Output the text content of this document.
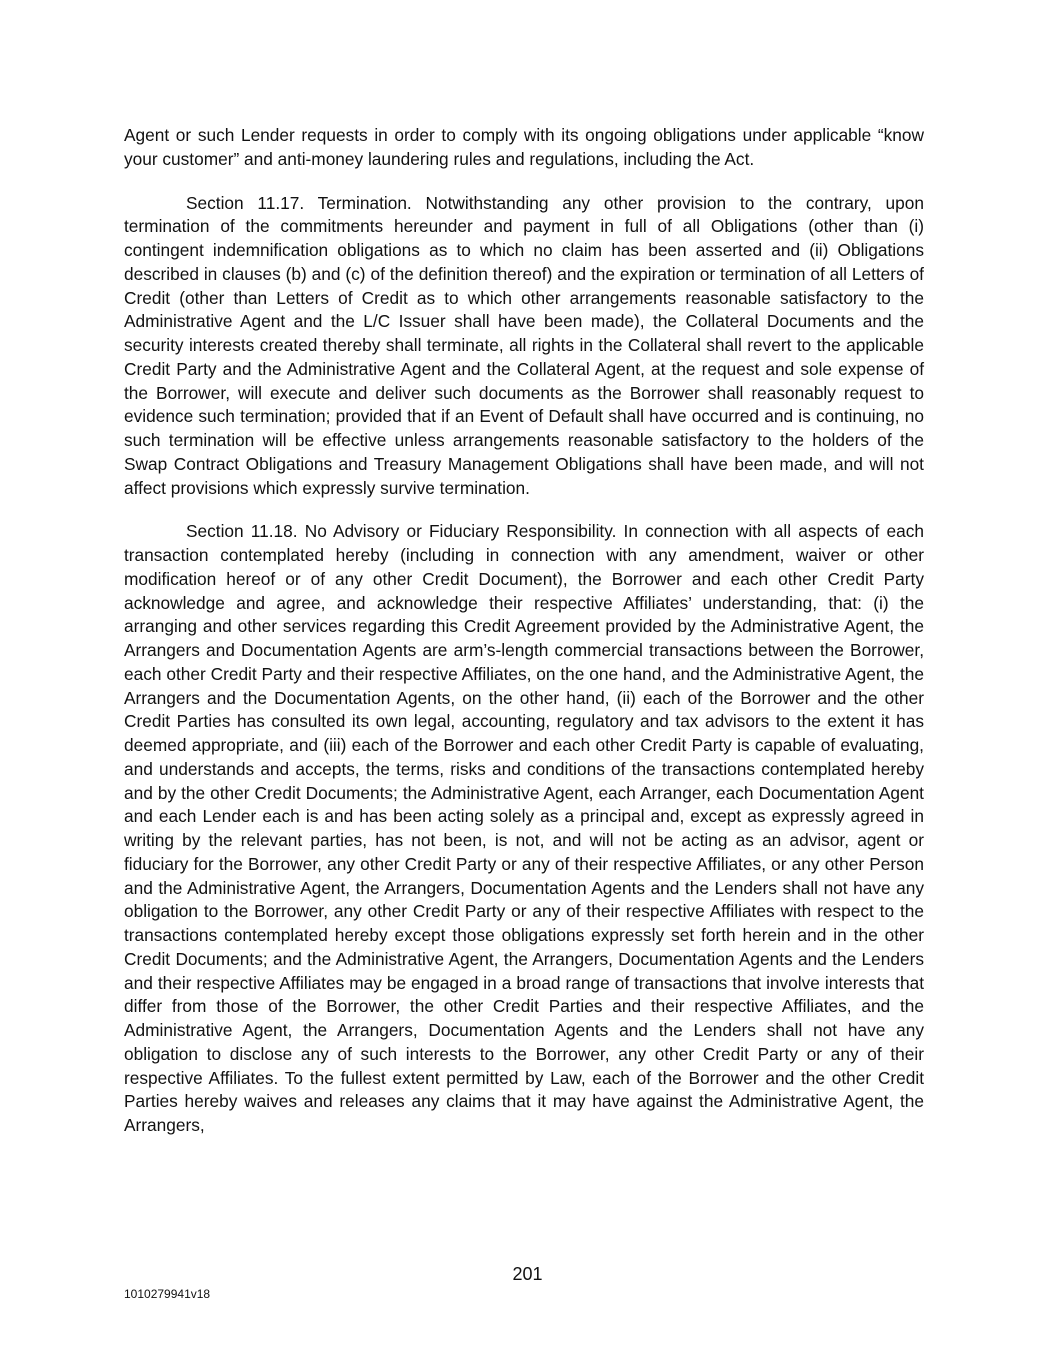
Agent or such Lender requests in order to comply with its ongoing obligations under applicable “know your customer” and anti-money laundering rules and regulations, including the Act.

Section 11.17. Termination. Notwithstanding any other provision to the contrary, upon termination of the commitments hereunder and payment in full of all Obligations (other than (i) contingent indemnification obligations as to which no claim has been asserted and (ii) Obligations described in clauses (b) and (c) of the definition thereof) and the expiration or termination of all Letters of Credit (other than Letters of Credit as to which other arrangements reasonable satisfactory to the Administrative Agent and the L/C Issuer shall have been made), the Collateral Documents and the security interests created thereby shall terminate, all rights in the Collateral shall revert to the applicable Credit Party and the Administrative Agent and the Collateral Agent, at the request and sole expense of the Borrower, will execute and deliver such documents as the Borrower shall reasonably request to evidence such termination; provided that if an Event of Default shall have occurred and is continuing, no such termination will be effective unless arrangements reasonable satisfactory to the holders of the Swap Contract Obligations and Treasury Management Obligations shall have been made, and will not affect provisions which expressly survive termination.

Section 11.18. No Advisory or Fiduciary Responsibility. In connection with all aspects of each transaction contemplated hereby (including in connection with any amendment, waiver or other modification hereof or of any other Credit Document), the Borrower and each other Credit Party acknowledge and agree, and acknowledge their respective Affiliates’ understanding, that: (i) the arranging and other services regarding this Credit Agreement provided by the Administrative Agent, the Arrangers and Documentation Agents are arm’s-length commercial transactions between the Borrower, each other Credit Party and their respective Affiliates, on the one hand, and the Administrative Agent, the Arrangers and the Documentation Agents, on the other hand, (ii) each of the Borrower and the other Credit Parties has consulted its own legal, accounting, regulatory and tax advisors to the extent it has deemed appropriate, and (iii) each of the Borrower and each other Credit Party is capable of evaluating, and understands and accepts, the terms, risks and conditions of the transactions contemplated hereby and by the other Credit Documents; the Administrative Agent, each Arranger, each Documentation Agent and each Lender each is and has been acting solely as a principal and, except as expressly agreed in writing by the relevant parties, has not been, is not, and will not be acting as an advisor, agent or fiduciary for the Borrower, any other Credit Party or any of their respective Affiliates, or any other Person and the Administrative Agent, the Arrangers, Documentation Agents and the Lenders shall not have any obligation to the Borrower, any other Credit Party or any of their respective Affiliates with respect to the transactions contemplated hereby except those obligations expressly set forth herein and in the other Credit Documents; and the Administrative Agent, the Arrangers, Documentation Agents and the Lenders and their respective Affiliates may be engaged in a broad range of transactions that involve interests that differ from those of the Borrower, the other Credit Parties and their respective Affiliates, and the Administrative Agent, the Arrangers, Documentation Agents and the Lenders shall not have any obligation to disclose any of such interests to the Borrower, any other Credit Party or any of their respective Affiliates. To the fullest extent permitted by Law, each of the Borrower and the other Credit Parties hereby waives and releases any claims that it may have against the Administrative Agent, the Arrangers,

201
1010279941v18
